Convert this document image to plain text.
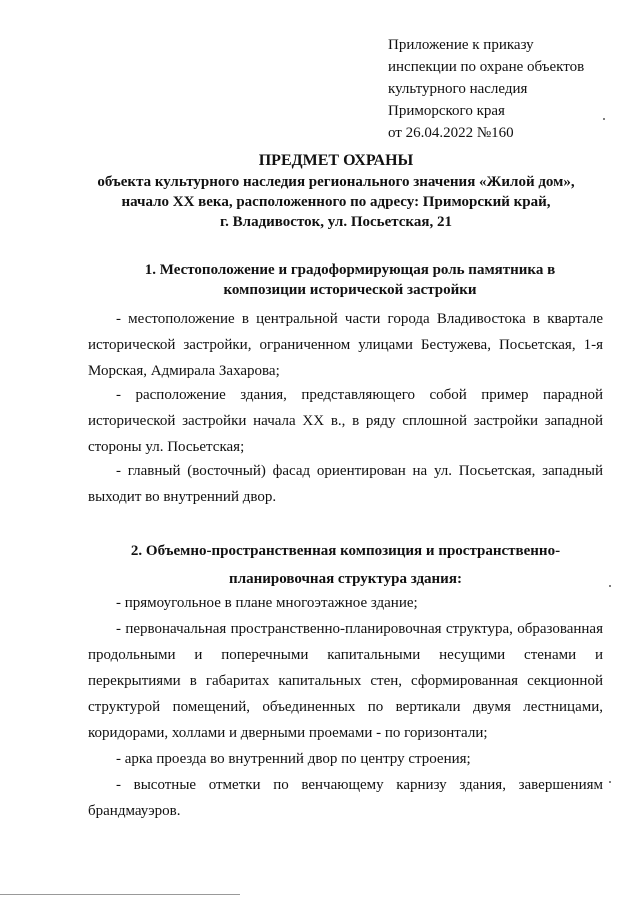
Приложение к приказу
инспекции по охране объектов
культурного наследия
Приморского края
от 26.04.2022 №160
ПРЕДМЕТ ОХРАНЫ
объекта культурного наследия регионального значения «Жилой дом»,
начало XX века, расположенного по адресу: Приморский край,
г. Владивосток, ул. Посьетская, 21
1. Местоположение и градоформирующая роль памятника в
композиции исторической застройки
- местоположение в центральной части города Владивостока в квартале исторической застройки, ограниченном улицами Бестужева, Посьетская, 1-я Морская, Адмирала Захарова;
- расположение здания, представляющего собой пример парадной исторической застройки начала XX в., в ряду сплошной застройки западной стороны ул. Посьетская;
- главный (восточный) фасад ориентирован на ул. Посьетская, западный выходит во внутренний двор.
2. Объемно-пространственная композиция и пространственно-
планировочная структура здания:
- прямоугольное в плане многоэтажное здание;
- первоначальная пространственно-планировочная структура, образованная продольными и поперечными капитальными несущими стенами и перекрытиями в габаритах капитальных стен, сформированная секционной структурой помещений, объединенных по вертикали двумя лестницами, коридорами, холлами и дверными проемами - по горизонтали;
- арка проезда во внутренний двор по центру строения;
- высотные отметки по венчающему карнизу здания, завершениям брандмауэров.
